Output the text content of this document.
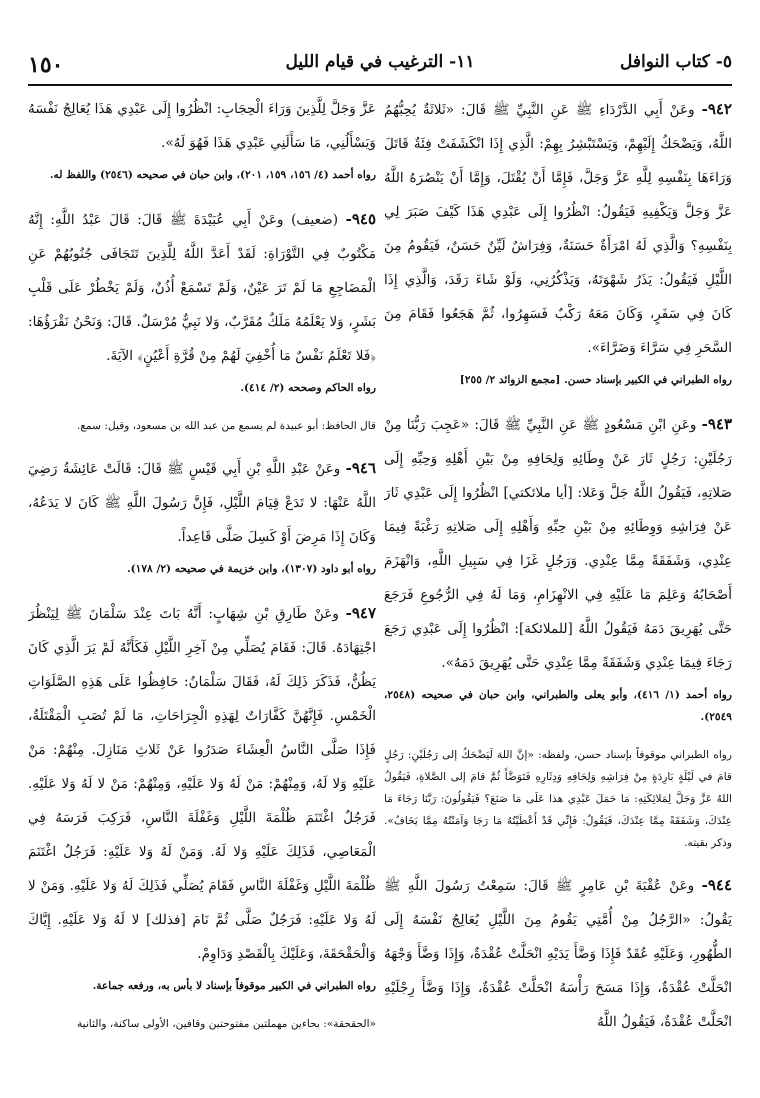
٥- كتاب النوافل
١١- الترغيب في قيام الليل
١٥٠

٩٤٢- وعَنْ أَبِي الدَّرْدَاءِ ﷺ عَنِ النَّبِيِّ ﷺ قَالَ: «ثَلاثَةٌ يُحِبُّهُمُ اللَّهُ، وَيَضْحَكُ إِلَيْهِمْ، وَيَسْتَبْشِرُ بِهِمْ: الَّذِي إِذَا انْكَشَفَتْ فِئَةٌ قَاتَلَ وَرَاءَهَا بِنَفْسِهِ لِلَّهِ عَزَّ وَجَلَّ، فَإِمَّا أَنْ يُقْتَلَ، وَإِمَّا أَنْ يَنْصُرَهُ اللَّهُ عَزَّ وَجَلَّ وَيَكْفِيهِ فَيَقُولُ: انْظُرُوا إِلَى عَبْدِي هَذَا كَيْفَ صَبَرَ لِي بِنَفْسِهِ؟ وَالَّذِي لَهُ امْرَأَةٌ حَسَنَةٌ، وَفِرَاشٌ لَيِّنٌ حَسَنٌ، فَيَقُومُ مِنَ اللَّيْلِ فَيَقُولُ: يَذَرُ شَهْوَتَهُ، وَيَذْكُرُنِي، وَلَوْ شَاءَ رَقَدَ، وَالَّذِي إِذَا كَانَ فِي سَفَرٍ، وَكَانَ مَعَهُ رَكْبٌ فَسَهِرُوا، ثُمَّ هَجَعُوا فَقَامَ مِنَ السَّحَرِ فِي سَرَّاءَ وَضَرَّاءَ».

رواه الطبراني في الكبير بإسناد حسن. [مجمع الزوائد ٢/ ٢٥٥]

٩٤٣- وعَنِ ابْنِ مَسْعُودٍ ﷺ عَنِ النَّبِيِّ ﷺ قَالَ: «عَجِبَ رَبُّنَا مِنْ رَجُلَيْنِ: رَجُلٍ ثَارَ عَنْ وِطَائِهِ وَلِحَافِهِ مِنْ بَيْنِ أَهْلِهِ وَحِبِّهِ إِلَى صَلاتِهِ، فَيَقُولُ اللَّهُ جَلَّ وَعَلا: [أيا ملائكتي] انْظُرُوا إِلَى عَبْدِي ثَارَ عَنْ فِرَاشِهِ وَوِطَائِهِ مِنْ بَيْنِ حِبِّهِ وَأَهْلِهِ إِلَى صَلاتِهِ رَغْبَةً فِيمَا عِنْدِي، وَشَفَقَةً مِمَّا عِنْدِي. وَرَجُلٍ غَزَا فِي سَبِيلِ اللَّهِ، وَانْهَزَمَ أَصْحَابُهُ وَعَلِمَ مَا عَلَيْهِ فِي الانْهِزَامِ، وَمَا لَهُ فِي الرُّجُوعِ فَرَجَعَ حَتَّى يُهَرِيقَ دَمَهُ فَيَقُولُ اللَّهُ [للملائكة]: انْظُرُوا إِلَى عَبْدِي رَجَعَ رَجَاءَ فِيمَا عِنْدِي وَشَفَقَةً مِمَّا عِنْدِي حَتَّى يُهَرِيقَ دَمَهُ».

رواه أحمد (١/ ٤١٦)، وأبو يعلى والطبراني، وابن حبان في صحيحه (٢٥٤٨، ٢٥٤٩).

رواه الطبراني موقوفاً بإسناد حسن، ولفظه: «إنَّ اللهَ لَيَضْحَكُ إلى رَجُلَيْنِ: رَجُلٍ قامَ في لَيْلَةٍ بَارِدَةٍ مِنْ فِرَاشِهِ وَلِحَافِهِ وَدِثَارِهِ فَتَوَضَّأَ ثُمَّ قامَ إلى الصَّلاةِ، فَيَقُولُ اللهُ عَزَّ وَجَلَّ لِمَلائِكَتِهِ: مَا حَمَلَ عَبْدِي هذا عَلَى مَا صَنَعَ؟ فَيَقُولُونَ: رَبَّنَا رَجَاءَ مَا عِنْدَكَ، وَشَفَقَةً مِمَّا عِنْدَكَ، فَيَقُولُ: فَإِنِّي قَدْ أَعْطَيْتُهُ مَا رَجَا وَآمَنْتُهُ مِمَّا يَخَافُ». وذكر بقيته.

٩٤٤- وعَنْ عُقْبَةَ بْنِ عَامِرٍ ﷺ قَالَ: سَمِعْتُ رَسُولَ اللَّهِ ﷺ يَقُولُ: «الرَّجُلُ مِنْ أُمَّتِي يَقُومُ مِنَ اللَّيْلِ يُعَالِجُ نَفْسَهُ إِلَى الطُّهُورِ، وَعَلَيْهِ عُقَدٌ فَإِذَا وَضَّأَ يَدَيْهِ انْحَلَّتْ عُقْدَةٌ، وَإِذَا وَضَّأَ وَجْهَهُ انْحَلَّتْ عُقْدَةٌ، وَإِذَا مَسَحَ رَأْسَهُ انْحَلَّتْ عُقْدَةٌ، وَإِذَا وَضَّأَ رِجْلَيْهِ انْحَلَّتْ عُقْدَةٌ، فَيَقُولُ اللَّهُ

عَزَّ وَجَلَّ لِلَّذِينَ وَرَاءَ الْحِجَابِ: انْظُرُوا إِلَى عَبْدِي هَذَا يُعَالِجُ نَفْسَهُ وَيَسْأَلُنِي، مَا سَأَلَنِي عَبْدِي هَذَا فَهُوَ لَهُ».

رواه أحمد (٤/ ١٥٦، ١٥٩، ٢٠١)، وابن حبان في صحيحه (٢٥٤٦) واللفظ له.

٩٤٥- (ضعيف) وعَنْ أَبِي عُبَيْدَةَ ﷺ قَالَ: قَالَ عَبْدُ اللَّهِ: إِنَّهُ مَكْتُوبٌ فِي التَّوْرَاةِ: لَقَدْ أَعَدَّ اللَّهُ لِلَّذِينَ تَتَجَافَى جُنُوبُهُمْ عَنِ الْمَضَاجِعِ مَا لَمْ تَرَ عَيْنٌ، وَلَمْ تَسْمَعْ أُذُنٌ، وَلَمْ يَخْطُرْ عَلَى قَلْبِ بَشَرٍ، وَلا يَعْلَمُهُ مَلَكٌ مُقَرَّبٌ، وَلا نَبِيٌّ مُرْسَلٌ. قَالَ: وَنَحْنُ نَقْرَؤُهَا: ﴿فَلا تَعْلَمُ نَفْسٌ مَا أُخْفِيَ لَهُمْ مِنْ قُرَّةِ أَعْيُنٍ﴾ الآيَةَ.

رواه الحاكم وصححه (٢/ ٤١٤).

قال الحافظ: أبو عبيدة لم يسمع من عبد الله بن مسعود، وقيل: سمع.

٩٤٦- وعَنْ عَبْدِ اللَّهِ بْنِ أَبِي قَيْسٍ ﷺ قَالَ: قَالَتْ عَائِشَةُ رَضِيَ اللَّهُ عَنْهَا: لا تَدَعْ قِيَامَ اللَّيْلِ، فَإِنَّ رَسُولَ اللَّهِ ﷺ كَانَ لا يَدَعُهُ، وَكَانَ إِذَا مَرِضَ أَوْ كَسِلَ صَلَّى قَاعِداً.

رواه أبو داود (١٣٠٧)، وابن خزيمة في صحيحه (٢/ ١٧٨).

٩٤٧- وعَنْ طَارِقِ بْنِ شِهَابٍ: أَنَّهُ بَاتَ عِنْدَ سَلْمَانَ ﷺ لِيَنْظُرَ اجْتِهَادَهُ. قَالَ: فَقَامَ يُصَلِّي مِنْ آخِرِ اللَّيْلِ فَكَأَنَّهُ لَمْ يَرَ الَّذِي كَانَ يَظُنُّ، فَذَكَرَ ذَلِكَ لَهُ، فَقَالَ سَلْمَانُ: حَافِظُوا عَلَى هَذِهِ الصَّلَوَاتِ الْخَمْسِ. فَإِنَّهُنَّ كَفَّارَاتٌ لِهَذِهِ الْجِرَاحَاتِ، مَا لَمْ تُصَبِ الْمَقْتَلَةُ، فَإِذَا صَلَّى النَّاسُ الْعِشَاءَ صَدَرُوا عَنْ ثَلاثِ مَنَازِلَ. مِنْهُمْ: مَنْ عَلَيْهِ وَلا لَهُ، وَمِنْهُمْ: مَنْ لَهُ وَلا عَلَيْهِ، وَمِنْهُمْ: مَنْ لا لَهُ وَلا عَلَيْهِ. فَرَجُلٌ اغْتَنَمَ ظُلْمَةَ اللَّيْلِ وَغَفْلَةَ النَّاسِ، فَرَكِبَ فَرَسَهُ فِي الْمَعَاصِي، فَذَلِكَ عَلَيْهِ وَلا لَهُ. وَمَنْ لَهُ وَلا عَلَيْهِ: فَرَجُلٌ اغْتَنَمَ ظُلْمَةَ اللَّيْلِ وَغَفْلَةَ النَّاسِ فَقَامَ يُصَلِّي فَذَلِكَ لَهُ وَلا عَلَيْهِ. وَمَنْ لا لَهُ وَلا عَلَيْهِ: فَرَجُلٌ صَلَّى ثُمَّ نَامَ [فذلك] لا لَهُ وَلا عَلَيْهِ. إِيَّاكَ وَالْحَقْحَقَةَ، وَعَلَيْكَ بِالْقَصْدِ وَدَاوِمْ.

رواه الطبراني في الكبير موقوفاً بإسناد لا بأس به، ورفعه جماعة.

«الحقحقة»: بحاءين مهملتين مفتوحتين وقافين، الأولى ساكنة، والثانية
